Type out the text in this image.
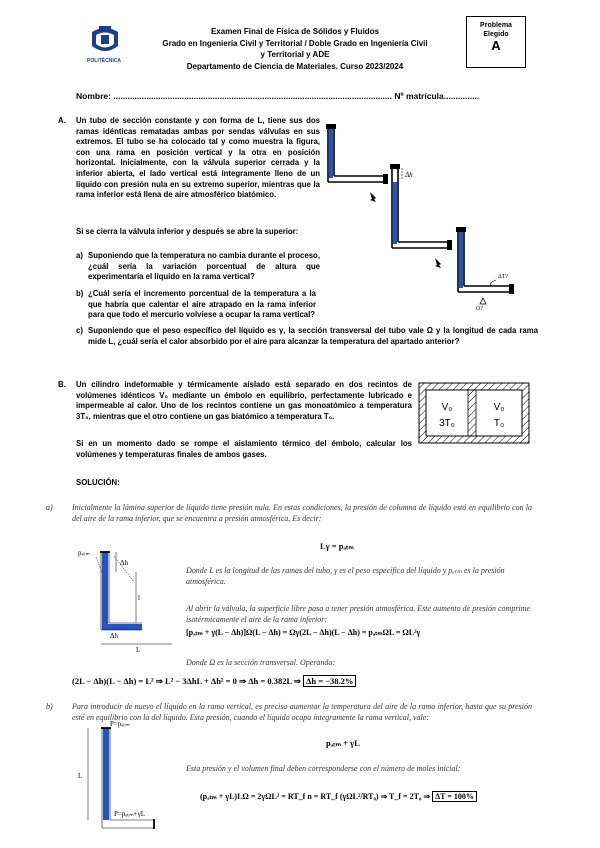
POLITÉCNICA
Examen Final de Física de Sólidos y Fluidos
Grado en Ingeniería Civil y Territorial / Doble Grado en Ingeniería Civil
y Territorial y ADE
Departamento de Ciencia de Materiales. Curso 2023/2024
Problema
Elegido
A
Nombre: ...................................................................................................................... Nº matrícula...............
A. Un tubo de sección constante y con forma de L, tiene sus dos ramas idénticas rematadas ambas por sendas válvulas en sus extremos. El tubo se ha colocado tal y como muestra la figura, con una rama en posición vertical y la otra en posición horizontal. Inicialmente, con la válvula superior cerrada y la inferior abierta, el lado vertical está íntegramente lleno de un líquido con presión nula en su extremo superior, mientras que la rama inferior está llena de aire atmosférico biatómico.
Si se cierra la válvula inferior y después se abre la superior:
a) Suponiendo que la temperatura no cambia durante el proceso, ¿cuál sería la variación porcentual de altura que experimentaría el líquido en la rama vertical?
b) ¿Cuál sería el incremento porcentual de la temperatura a la que habría que calentar el aire atrapado en la rama inferior para que todo el mercurio volviese a ocupar la rama vertical?
c) Suponiendo que el peso específico del líquido es γ, la sección transversal del tubo vale Ω y la longitud de cada rama mide L, ¿cuál sería el calor absorbido por el aire para alcanzar la temperatura del apartado anterior?
Δh
ΔT?
Q?
B. Un cilindro indeformable y térmicamente aislado está separado en dos recintos de volúmenes idénticos V₀ mediante un émbolo en equilibrio, perfectamente lubricado e impermeable al calor. Uno de los recintos contiene un gas monoatómico a temperatura 3T₀, mientras que el otro contiene un gas biatómico a temperatura T₀.
Si en un momento dado se rompe el aislamiento térmico del émbolo, calcular los volúmenes y temperaturas finales de ambos gases.
V₀
3T₀
V₀
T₀
SOLUCIÓN:
a) Inicialmente la lámina superior de líquido tiene presión nula. En estas condiciones, la presión de columna de líquido está en equilibrio con la del aire de la rama inferior, que se encuentra a presión atmosférica. Es decir:
Lγ = pₐₜₘ
pₐₜₘ
Δh
l
Δh
L
Donde L es la longitud de las ramas del tubo, γ es el peso específico del líquido y pₐₜₘ es la presión atmosférica.
Al abrir la válvula, la superficie libre pasa a tener presión atmosférica. Este aumento de presión comprime isotérmicamente el aire de la rama inferior:
[pₐₜₘ + γ(L − Δh)]Ω(L − Δh) = Ωγ(2L − Δh)(L − Δh) = pₐₜₘΩL = ΩL²γ
Donde Ω es la sección transversal. Operando:
(2L − Δh)(L − Δh) = L² ⇒ L² − 3ΔhL + Δh² = 0 ⇒ Δh = 0.382L ⇒ Δh = −38.2%
b) Para introducir de nuevo el líquido en la rama vertical, es preciso aumentar la temperatura del aire de la rama inferior, hasta que su presión esté en equilibrio con la del líquido. Esta presión, cuando el líquido ocupa íntegramente la rama vertical, vale:
pₐₜₘ + γL
P=pₐₜₘ
L
P=pₐₜₘ+γL
Esta presión y el volumen final deben corresponderse con el número de moles inicial:
(pₐₜₘ + γL)LΩ = 2γΩL² = RT_f n = RT_f (γΩL²/RT₀) ⇒ T_f = 2T₀ ⇒ ΔT = 100%
